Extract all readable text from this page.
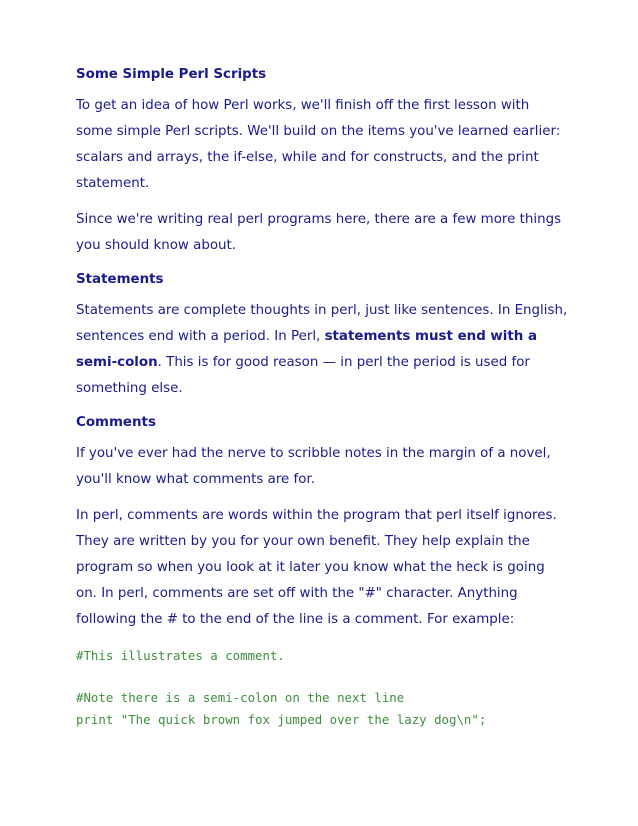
Some Simple Perl Scripts

To get an idea of how Perl works, we'll finish off the first lesson with some simple Perl scripts. We'll build on the items you've learned earlier: scalars and arrays, the if-else, while and for constructs, and the print statement.

Since we're writing real perl programs here, there are a few more things you should know about.

Statements

Statements are complete thoughts in perl, just like sentences. In English, sentences end with a period. In Perl, statements must end with a semi-colon. This is for good reason — in perl the period is used for something else.

Comments

If you've ever had the nerve to scribble notes in the margin of a novel, you'll know what comments are for.

In perl, comments are words within the program that perl itself ignores. They are written by you for your own benefit. They help explain the program so when you look at it later you know what the heck is going on. In perl, comments are set off with the "#" character. Anything following the # to the end of the line is a comment. For example:

#This illustrates a comment.
#Note there is a semi-colon on the next line
print "The quick brown fox jumped over the lazy dog\n";
